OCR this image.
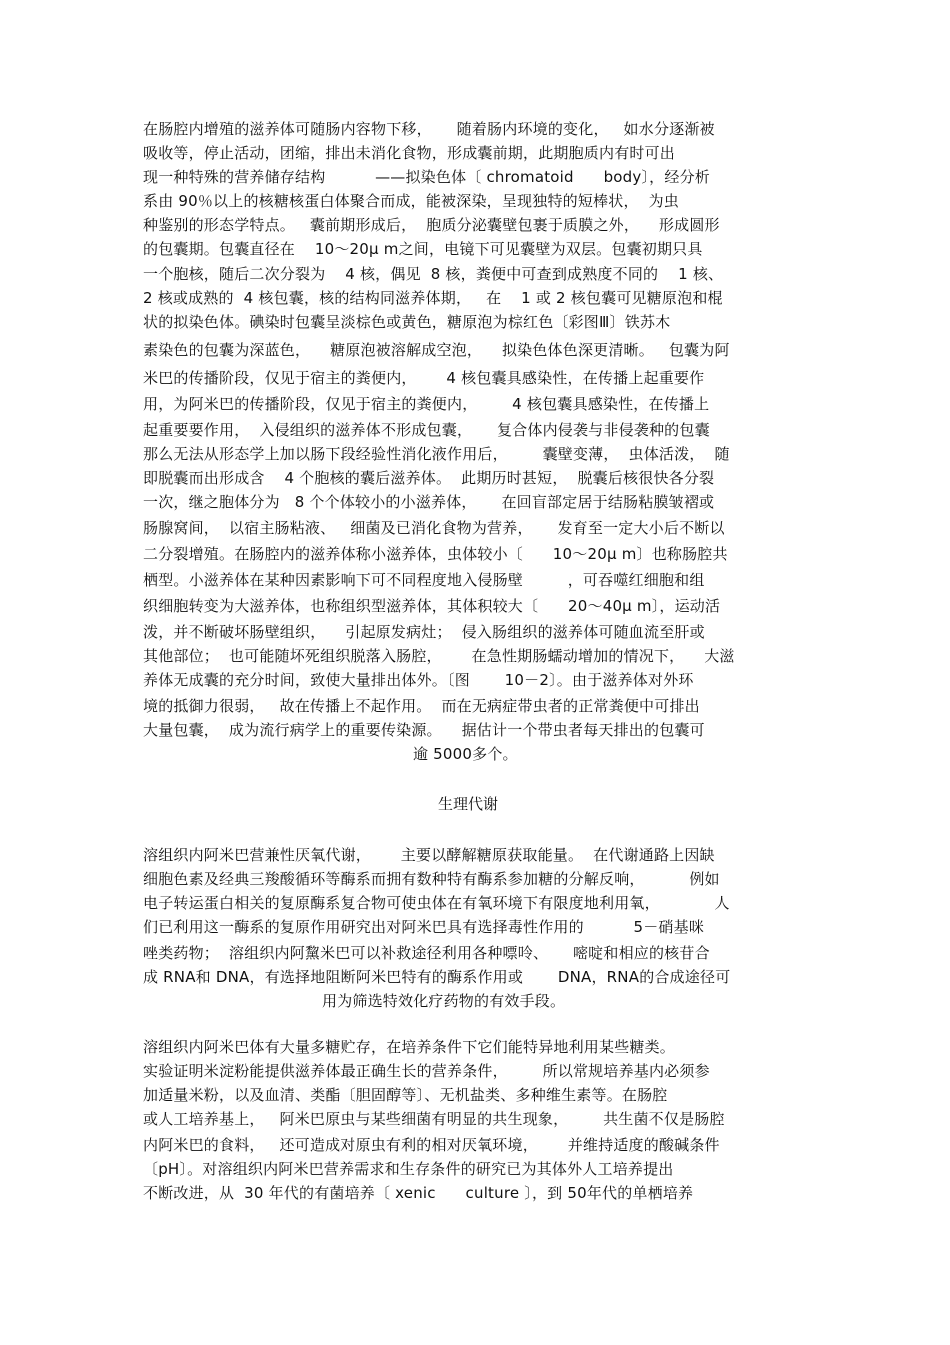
在肠腔内增殖的滋养体可随肠内容物下移，     随着肠内环境的变化，   如水分逐渐被
吸收等，停止活动，团缩，排出未消化食物，形成囊前期，此期胞质内有时可出
现一种特殊的营养储存结构          ——拟染色体〔 chromatoid      body〕，经分析
系由 90％以上的核糖核蛋白体聚合而成，能被深染，呈现独特的短棒状，  为虫
种鉴别的形态学特点。   囊前期形成后，  胞质分泌囊壁包裹于质膜之外，    形成圆形
的包囊期。包囊直径在    10～20μ m之间，电镜下可见囊壁为双层。包囊初期只具
一个胞核，随后二次分裂为    4 核，偶见  8 核，粪便中可查到成熟度不同的    1 核、
2 核或成熟的  4 核包囊，核的结构同滋养体期，   在    1 或 2 核包囊可见糖原泡和棍
状的拟染色体。碘染时包囊呈淡棕色或黄色，糖原泡为棕红色〔彩图Ⅲ〕铁苏木
素染色的包囊为深蓝色，    糖原泡被溶解成空泡，    拟染色体色深更清晰。   包囊为阿
米巴的传播阶段，仅见于宿主的粪便内，      4 核包囊具感染性，在传播上起重要作
用，为阿米巴的传播阶段，仅见于宿主的粪便内，       4 核包囊具感染性，在传播上
起重要要作用，  入侵组织的滋养体不形成包囊，     复合体内侵袭与非侵袭种的包囊
那么无法从形态学上加以肠下段经验性消化液作用后，       囊壁变薄，  虫体活泼，  随
即脱囊而出形成含    4 个胞核的囊后滋养体。  此期历时甚短，  脱囊后核很快各分裂
一次，继之胞体分为   8 个个体较小的小滋养体，     在回盲部定居于结肠粘膜皱褶或
肠腺窝间，  以宿主肠粘液、   细菌及已消化食物为营养，     发育至一定大小后不断以
二分裂增殖。在肠腔内的滋养体称小滋养体，虫体较小〔      10～20μ m〕也称肠腔共
栖型。小滋养体在某种因素影响下可不同程度地入侵肠壁         ，可吞噬红细胞和组
织细胞转变为大滋养体，也称组织型滋养体，其体积较大〔      20～40μ m〕，运动活
泼，并不断破坏肠壁组织，    引起原发病灶；  侵入肠组织的滋养体可随血流至肝或
其他部位；  也可能随坏死组织脱落入肠腔，      在急性期肠蠕动增加的情况下，    大滋
养体无成囊的充分时间，致使大量排出体外。〔图       10－2〕。由于滋养体对外环
境的抵御力很弱，   故在传播上不起作用。  而在无病症带虫者的正常粪便中可排出
大量包囊，  成为流行病学上的重要传染源。    据估计一个带虫者每天排出的包囊可
逾 5000多个。
生理代谢
溶组织内阿米巴营兼性厌氧代谢，      主要以酵解糖原获取能量。  在代谢通路上因缺
细胞色素及经典三羧酸循环等酶系而拥有数种特有酶系参加糖的分解反响，         例如
电子转运蛋白相关的复原酶系复合物可使虫体在有氧环境下有限度地利用氧，           人
们已利用这一酶系的复原作用研究出对阿米巴具有选择毒性作用的          5－硝基咪
唑类药物；  溶组织内阿黧米巴可以补救途径利用各种嘌呤、     嘧啶和相应的核苷合
成 RNA和 DNA，有选择地阻断阿米巴特有的酶系作用或       DNA，RNA的合成途径可
用为筛选特效化疗药物的有效手段。
溶组织内阿米巴体有大量多糖贮存，在培养条件下它们能特异地利用某些糖类。
实验证明米淀粉能提供滋养体最正确生长的营养条件，       所以常规培养基内必须参
加适量米粉，以及血清、类酯〔胆固醇等〕、无机盐类、多种维生素等。在肠腔
或人工培养基上，   阿米巴原虫与某些细菌有明显的共生现象，       共生菌不仅是肠腔
内阿米巴的食料，   还可造成对原虫有利的相对厌氧环境，      并维持适度的酸碱条件
〔pH〕。对溶组织内阿米巴营养需求和生存条件的研究已为其体外人工培养提出
不断改进，从  30 年代的有菌培养〔 xenic      culture 〕，到 50年代的单栖培养
